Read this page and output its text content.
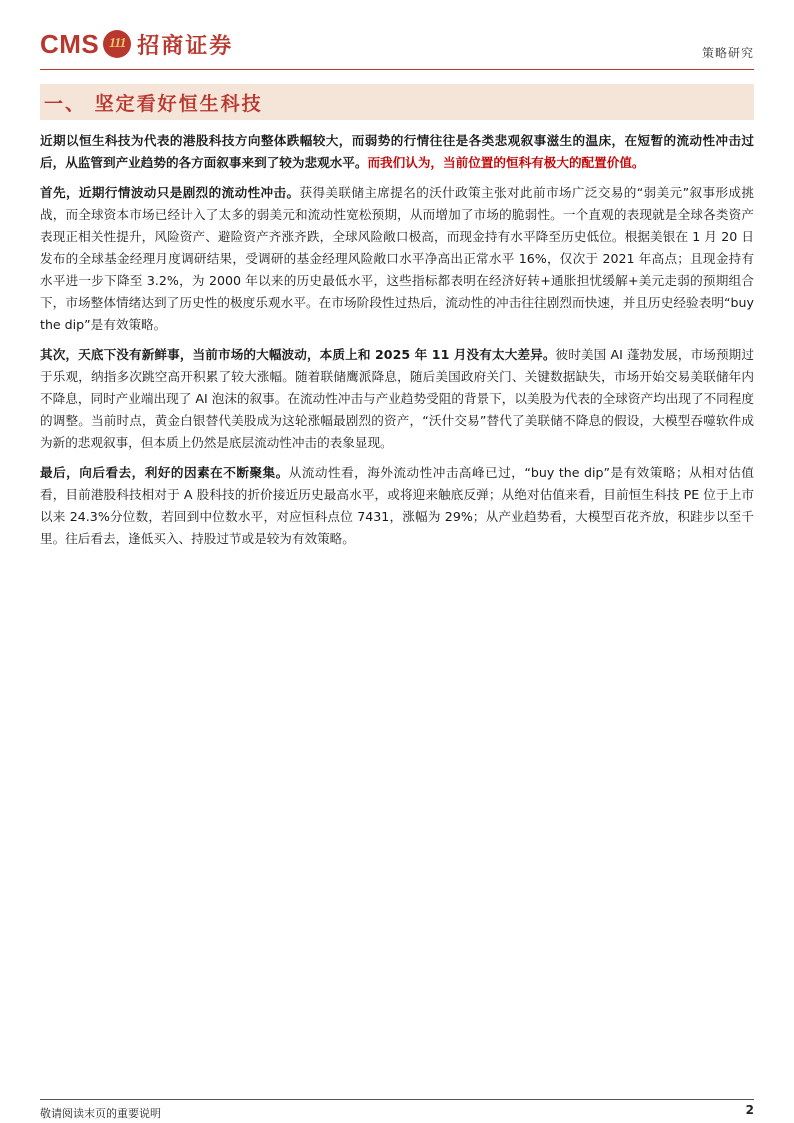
CMS 111 招商证券	策略研究
一、 坚定看好恒生科技

近期以恒生科技为代表的港股科技方向整体跌幅较大，而弱势的行情往往是各类悲观叙事滋生的温床，在短暂的流动性冲击过后，从监管到产业趋势的各方面叙事来到了较为悲观水平。而我们认为，当前位置的恒科有极大的配置价值。

首先，近期行情波动只是剧烈的流动性冲击。获得美联储主席提名的沃什政策主张对此前市场广泛交易的“弱美元”叙事形成挑战，而全球资本市场已经计入了太多的弱美元和流动性宽松预期，从而增加了市场的脆弱性。一个直观的表现就是全球各类资产表现正相关性提升，风险资产、避险资产齐涨齐跌，全球风险敞口极高，而现金持有水平降至历史低位。根据美银在 1 月 20 日发布的全球基金经理月度调研结果，受调研的基金经理风险敞口水平净高出正常水平 16%，仅次于 2021 年高点；且现金持有水平进一步下降至 3.2%，为 2000 年以来的历史最低水平，这些指标都表明在经济好转+通胀担忧缓解+美元走弱的预期组合下，市场整体情绪达到了历史性的极度乐观水平。在市场阶段性过热后，流动性的冲击往往剧烈而快速，并且历史经验表明“buy the dip”是有效策略。

其次，天底下没有新鲜事，当前市场的大幅波动，本质上和 2025 年 11 月没有太大差异。彼时美国 AI 蓬勃发展，市场预期过于乐观，纳指多次跳空高开积累了较大涨幅。随着联储鹰派降息，随后美国政府关门、关键数据缺失，市场开始交易美联储年内不降息，同时产业端出现了 AI 泡沫的叙事。在流动性冲击与产业趋势受阻的背景下，以美股为代表的全球资产均出现了不同程度的调整。当前时点，黄金白银替代美股成为这轮涨幅最剧烈的资产，“沃什交易”替代了美联储不降息的假设，大模型吞噬软件成为新的悲观叙事，但本质上仍然是底层流动性冲击的表象显现。

最后，向后看去，利好的因素在不断聚集。从流动性看，海外流动性冲击高峰已过，“buy the dip”是有效策略；从相对估值看，目前港股科技相对于 A 股科技的折价接近历史最高水平，或将迎来触底反弹；从绝对估值来看，目前恒生科技 PE 位于上市以来 24.3%分位数，若回到中位数水平，对应恒科点位 7431，涨幅为 29%；从产业趋势看，大模型百花齐放，积跬步以至千里。往后看去，逢低买入、持股过节或是较为有效策略。

敬请阅读末页的重要说明	2
